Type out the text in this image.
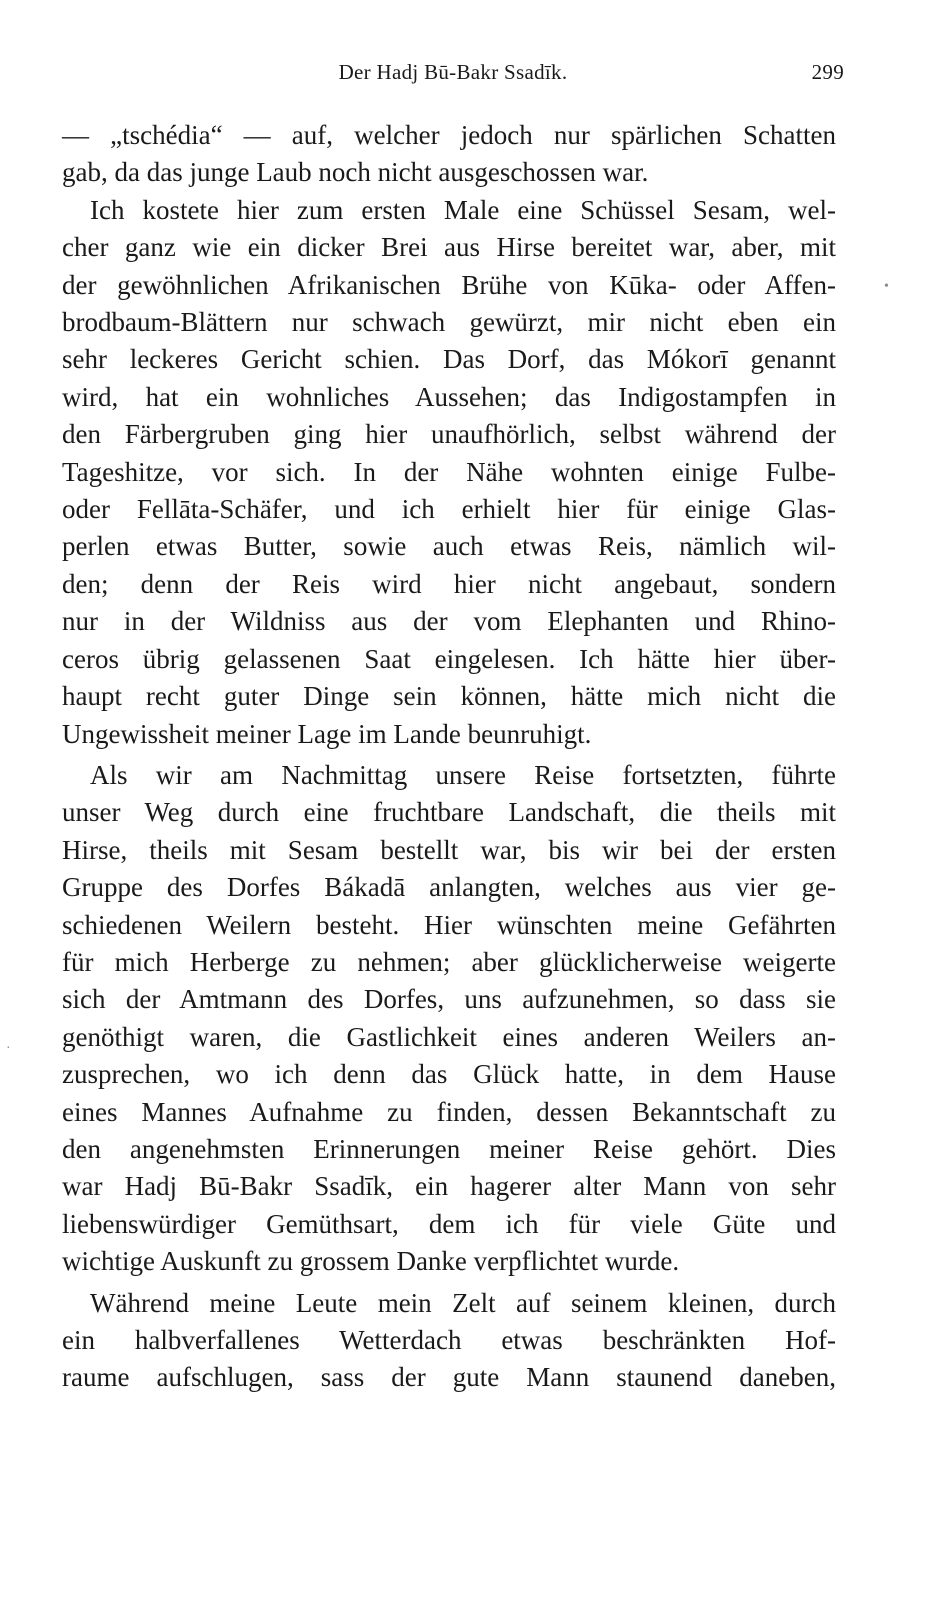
Der Hadj Bū-Bakr Ssadīk.	299
•
·
— „tschédia“ — auf, welcher jedoch nur spärlichen Schatten
gab, da das junge Laub noch nicht ausgeschossen war.
Ich kostete hier zum ersten Male eine Schüssel Sesam, wel-
cher ganz wie ein dicker Brei aus Hirse bereitet war, aber, mit
der gewöhnlichen Afrikanischen Brühe von Kūka- oder Affen-
brodbaum-Blättern nur schwach gewürzt, mir nicht eben ein
sehr leckeres Gericht schien. Das Dorf, das Mókorī genannt
wird, hat ein wohnliches Aussehen; das Indigostampfen in
den Färbergruben ging hier unaufhörlich, selbst während der
Tageshitze, vor sich. In der Nähe wohnten einige Fulbe-
oder Fellāta-Schäfer, und ich erhielt hier für einige Glas-
perlen etwas Butter, sowie auch etwas Reis, nämlich wil-
den; denn der Reis wird hier nicht angebaut, sondern
nur in der Wildniss aus der vom Elephanten und Rhino-
ceros übrig gelassenen Saat eingelesen. Ich hätte hier über-
haupt recht guter Dinge sein können, hätte mich nicht die
Ungewissheit meiner Lage im Lande beunruhigt.
Als wir am Nachmittag unsere Reise fortsetzten, führte
unser Weg durch eine fruchtbare Landschaft, die theils mit
Hirse, theils mit Sesam bestellt war, bis wir bei der ersten
Gruppe des Dorfes Bákadā anlangten, welches aus vier ge-
schiedenen Weilern besteht. Hier wünschten meine Gefährten
für mich Herberge zu nehmen; aber glücklicherweise weigerte
sich der Amtmann des Dorfes, uns aufzunehmen, so dass sie
genöthigt waren, die Gastlichkeit eines anderen Weilers an-
zusprechen, wo ich denn das Glück hatte, in dem Hause
eines Mannes Aufnahme zu finden, dessen Bekanntschaft zu
den angenehmsten Erinnerungen meiner Reise gehört. Dies
war Hadj Bū-Bakr Ssadīk, ein hagerer alter Mann von sehr
liebenswürdiger Gemüthsart, dem ich für viele Güte und
wichtige Auskunft zu grossem Danke verpflichtet wurde.
Während meine Leute mein Zelt auf seinem kleinen, durch
ein halbverfallenes Wetterdach etwas beschränkten Hof-
raume aufschlugen, sass der gute Mann staunend daneben,
